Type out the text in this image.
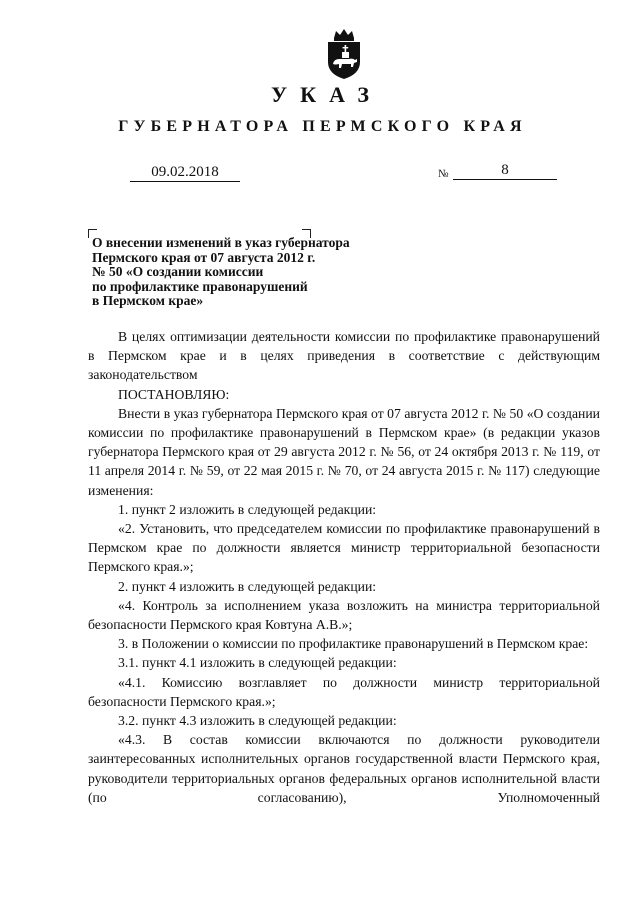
УКАЗ
ГУБЕРНАТОРА ПЕРМСКОГО КРАЯ
09.02.2018	№	8
О внесении изменений в указ губернатора
Пермского края от 07 августа 2012 г.
№ 50 «О создании комиссии
по профилактике правонарушений
в Пермском крае»

В целях оптимизации деятельности комиссии по профилактике правонарушений в Пермском крае и в целях приведения в соответствие с действующим законодательством

ПОСТАНОВЛЯЮ:

Внести в указ губернатора Пермского края от 07 августа 2012 г. № 50 «О создании комиссии по профилактике правонарушений в Пермском крае» (в редакции указов губернатора Пермского края от 29 августа 2012 г. № 56, от 24 октября 2013 г. № 119, от 11 апреля 2014 г. № 59, от 22 мая 2015 г. № 70, от 24 августа 2015 г. № 117) следующие изменения:

1. пункт 2 изложить в следующей редакции:

«2. Установить, что председателем комиссии по профилактике правонарушений в Пермском крае по должности является министр территориальной безопасности Пермского края.»;

2. пункт 4 изложить в следующей редакции:

«4. Контроль за исполнением указа возложить на министра территориальной безопасности Пермского края Ковтуна А.В.»;

3. в Положении о комиссии по профилактике правонарушений в Пермском крае:

3.1. пункт 4.1 изложить в следующей редакции:

«4.1. Комиссию возглавляет по должности министр территориальной безопасности Пермского края.»;

3.2. пункт 4.3 изложить в следующей редакции:

«4.3. В состав комиссии включаются по должности руководители заинтересованных исполнительных органов государственной власти Пермского края, руководители территориальных органов федеральных органов исполнительной власти (по согласованию), Уполномоченный
